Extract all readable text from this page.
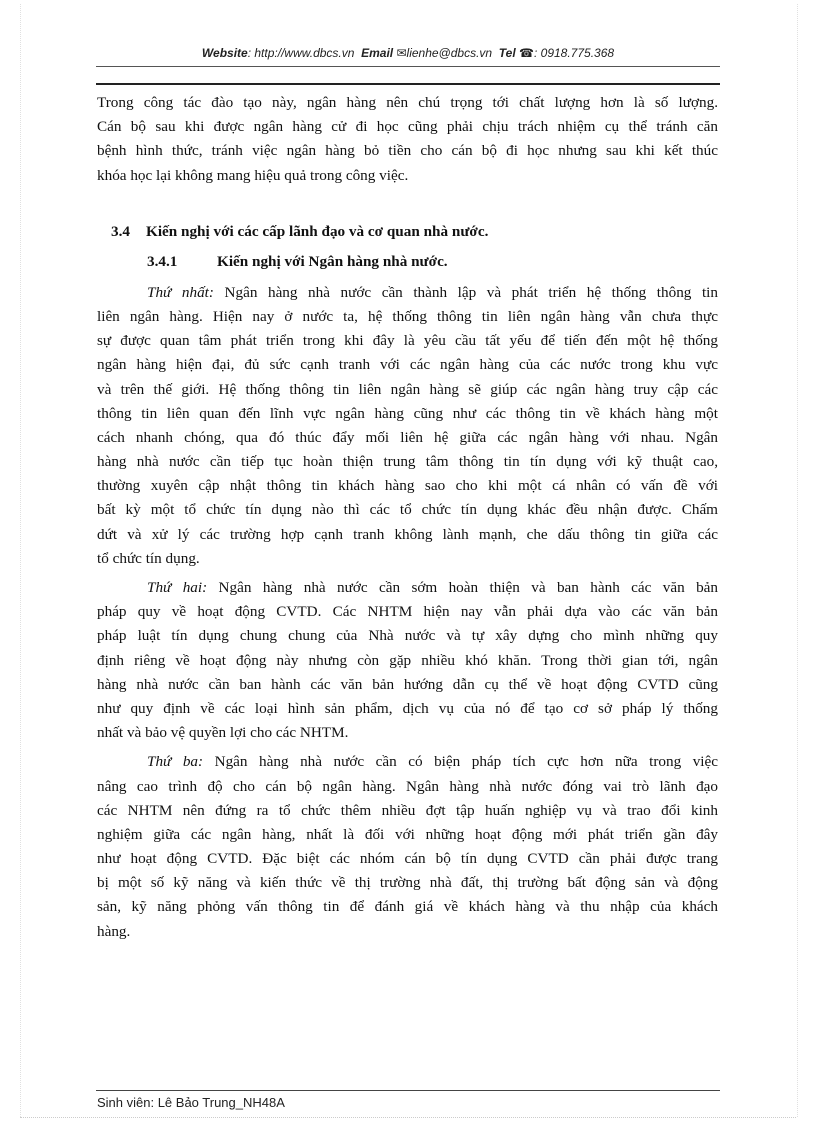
Website: http://www.dbcs.vn Email ✉lienhe@dbcs.vn Tel ☎: 0918.775.368
Trong công tác đào tạo này, ngân hàng nên chú trọng tới chất lượng hơn là số lượng.
Cán bộ sau khi được ngân hàng cử đi học cũng phải chịu trách nhiệm cụ thể tránh căn
bệnh hình thức, tránh việc ngân hàng bỏ tiền cho cán bộ đi học nhưng sau khi kết thúc
khóa học lại không mang hiệu quả trong công việc.
3.4 Kiến nghị với các cấp lãnh đạo và cơ quan nhà nước.
3.4.1	Kiến nghị với Ngân hàng nhà nước.
Thứ nhất: Ngân hàng nhà nước cần thành lập và phát triển hệ thống thông tin
liên ngân hàng. Hiện nay ở nước ta, hệ thống thông tin liên ngân hàng vẫn chưa thực
sự được quan tâm phát triển trong khi đây là yêu cầu tất yếu để tiến đến một hệ thống
ngân hàng hiện đại, đủ sức cạnh tranh với các ngân hàng của các nước trong khu vực
và trên thế giới. Hệ thống thông tin liên ngân hàng sẽ giúp các ngân hàng truy cập các
thông tin liên quan đến lĩnh vực ngân hàng cũng như các thông tin về khách hàng một
cách nhanh chóng, qua đó thúc đẩy mối liên hệ giữa các ngân hàng với nhau. Ngân
hàng nhà nước cần tiếp tục hoàn thiện trung tâm thông tin tín dụng với kỹ thuật cao,
thường xuyên cập nhật thông tin khách hàng sao cho khi một cá nhân có vấn đề với
bất kỳ một tổ chức tín dụng nào thì các tổ chức tín dụng khác đều nhận được. Chấm
dứt và xử lý các trường hợp cạnh tranh không lành mạnh, che dấu thông tin giữa các
tổ chức tín dụng.
Thứ hai: Ngân hàng nhà nước cần sớm hoàn thiện và ban hành các văn bản
pháp quy về hoạt động CVTD. Các NHTM hiện nay vẫn phải dựa vào các văn bản
pháp luật tín dụng chung chung của Nhà nước và tự xây dựng cho mình những quy
định riêng về hoạt động này nhưng còn gặp nhiều khó khăn. Trong thời gian tới, ngân
hàng nhà nước cần ban hành các văn bản hướng dẫn cụ thể về hoạt động CVTD cũng
như quy định về các loại hình sản phẩm, dịch vụ của nó để tạo cơ sở pháp lý thống
nhất và bảo vệ quyền lợi cho các NHTM.
Thứ ba: Ngân hàng nhà nước cần có biện pháp tích cực hơn nữa trong việc
nâng cao trình độ cho cán bộ ngân hàng. Ngân hàng nhà nước đóng vai trò lãnh đạo
các NHTM nên đứng ra tổ chức thêm nhiều đợt tập huấn nghiệp vụ và trao đổi kinh
nghiệm giữa các ngân hàng, nhất là đối với những hoạt động mới phát triển gần đây
như hoạt động CVTD. Đặc biệt các nhóm cán bộ tín dụng CVTD cần phải được trang
bị một số kỹ năng và kiến thức về thị trường nhà đất, thị trường bất động sản và động
sản, kỹ năng phỏng vấn thông tin để đánh giá về khách hàng và thu nhập của khách
hàng.
Sinh viên: Lê Bảo Trung_NH48A
